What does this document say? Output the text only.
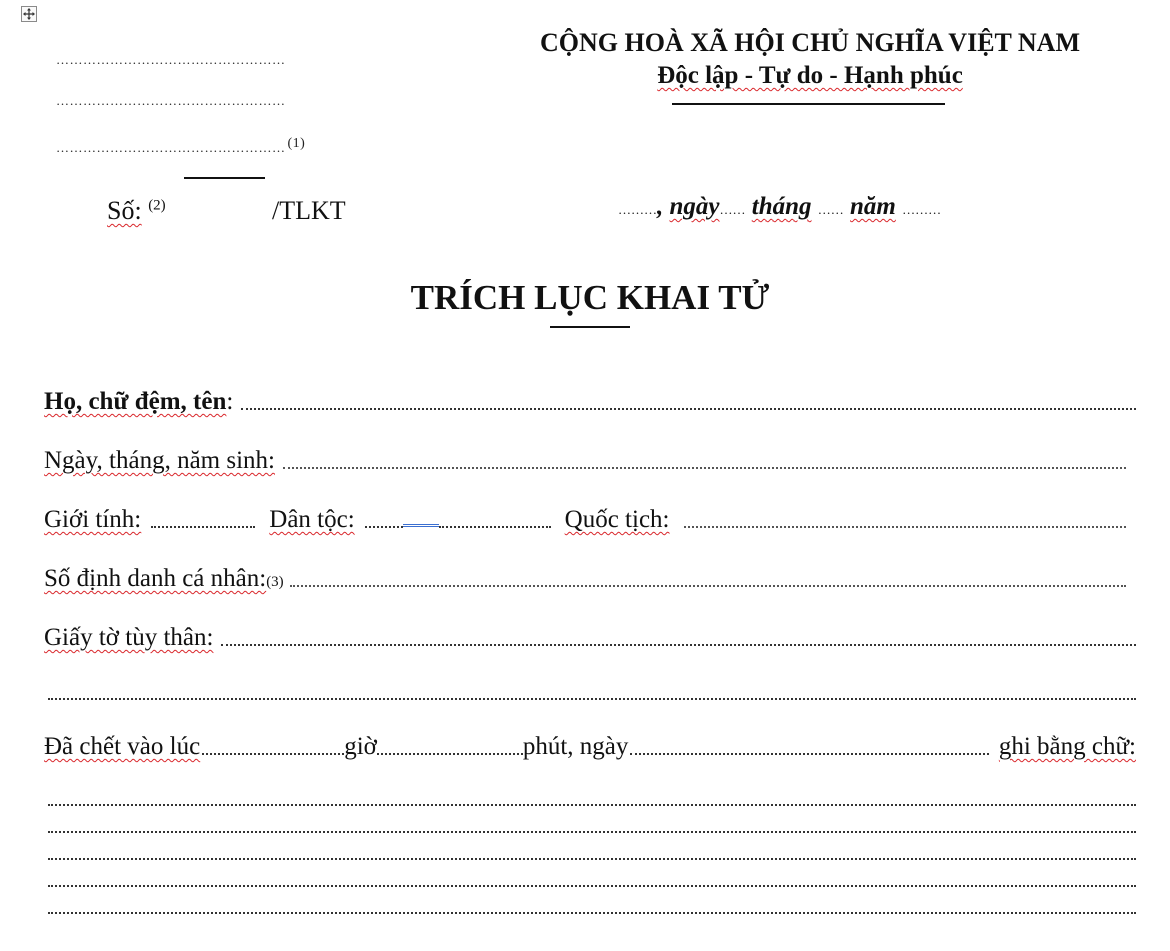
……………………………………………
……………………………………………
…………………………………………… (1)
Số: $^{(2)}$	/TLKT
CỘNG HOÀ XÃ HỘI CHỦ NGHĨA VIỆT NAM
Độc lập - Tự do - Hạnh phúc
………, ngày…… tháng …… năm ………
TRÍCH LỤC KHAI TỬ
Họ, chữ đệm, tên :
Ngày, tháng, năm sinh:
Giới tính:	Dân tộc:	Quốc tịch:
Số định danh cá nhân: (3)
Giấy tờ tùy thân:
Đã chết vào lúc	giờ	phút, ngày	ghi bằng chữ:
